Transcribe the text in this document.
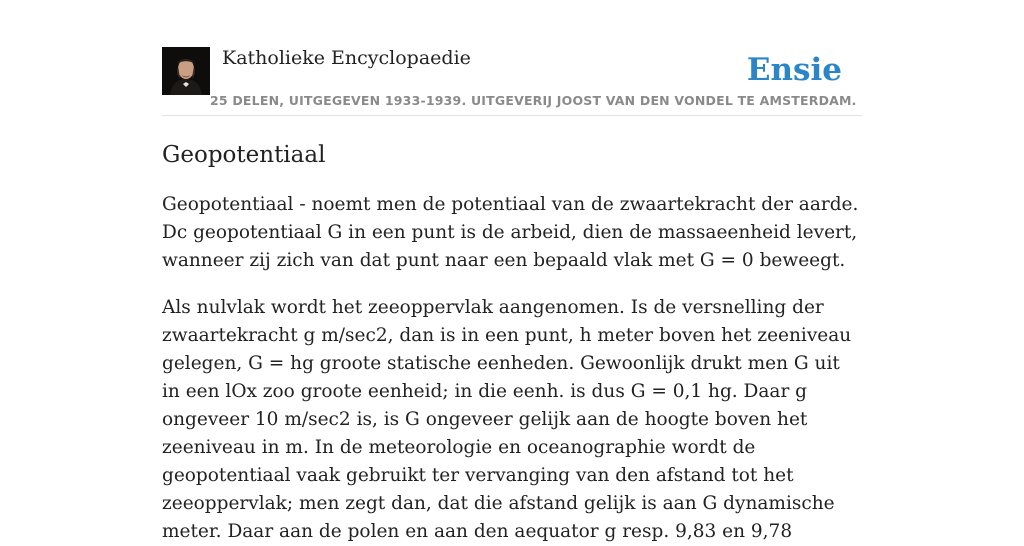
Katholieke Encyclopaedie	Ensie
25 DELEN, UITGEGEVEN 1933-1939. UITGEVERIJ JOOST VAN DEN VONDEL TE AMSTERDAM.
Geopotentiaal

Geopotentiaal - noemt men de potentiaal van de zwaartekracht der aarde. Dc geopotentiaal G in een punt is de arbeid, dien de massaeenheid levert, wanneer zij zich van dat punt naar een bepaald vlak met G = 0 beweegt.

Als nulvlak wordt het zeeoppervlak aangenomen. Is de versnelling der zwaartekracht g m/sec2, dan is in een punt, h meter boven het zeeniveau gelegen, G = hg groote statische eenheden. Gewoonlijk drukt men G uit in een lOx zoo groote eenheid; in die eenh. is dus G = 0,1 hg. Daar g ongeveer 10 m/sec2 is, is G ongeveer gelijk aan de hoogte boven het zeeniveau in m. In de meteorologie en oceanographie wordt de geopotentiaal vaak gebruikt ter vervanging van den afstand tot het zeeoppervlak; men zegt dan, dat die afstand gelijk is aan G dynamische meter. Daar aan de polen en aan den aequator g resp. 9,83 en 9,78
